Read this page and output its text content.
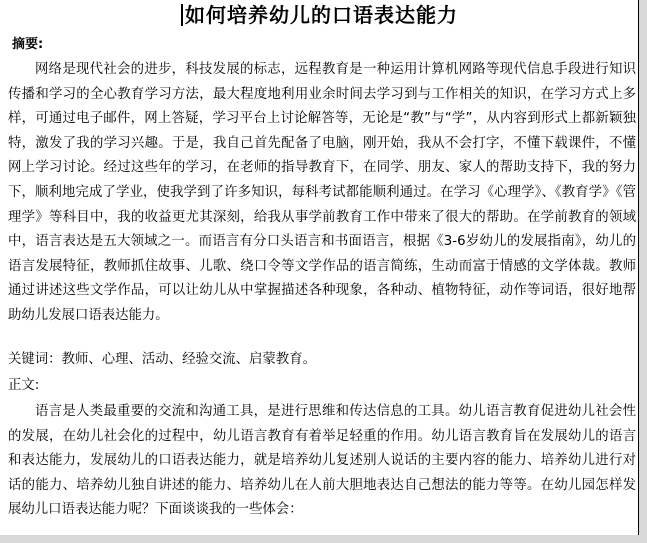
如何培养幼儿的口语表达能力
摘要:

网络是现代社会的进步，科技发展的标志，远程教育是一种运用计算机网路等现代信息手段进行知识传播和学习的全心教育学习方法，最大程度地利用业余时间去学习到与工作相关的知识，在学习方式上多样，可通过电子邮件，网上答疑，学习平台上讨论解答等，无论是“教”与“学”，从内容到形式上都新颖独特，激发了我的学习兴趣。于是，我自己首先配备了电脑，刚开始，我从不会打字，不懂下载课件，不懂网上学习讨论。经过这些年的学习，在老师的指导教育下，在同学、朋友、家人的帮助支持下，我的努力下，顺利地完成了学业，使我学到了许多知识，每科考试都能顺利通过。在学习《心理学》、《教育学》《管理学》等科目中，我的收益更尤其深刻，给我从事学前教育工作中带来了很大的帮助。在学前教育的领域中，语言表达是五大领域之一。而语言有分口头语言和书面语言，根据《3-6岁幼儿的发展指南》，幼儿的语言发展特征，教师抓住故事、儿歌、绕口令等文学作品的语言简练，生动而富于情感的文学体裁。教师通过讲述这些文学作品，可以让幼儿从中掌握描述各种现象，各种动、植物特征，动作等词语，很好地帮助幼儿发展口语表达能力。

关键词：教师、心理、活动、经验交流、启蒙教育。
正文:

语言是人类最重要的交流和沟通工具，是进行思维和传达信息的工具。幼儿语言教育促进幼儿社会性的发展，在幼儿社会化的过程中，幼儿语言教育有着举足轻重的作用。幼儿语言教育旨在发展幼儿的语言和表达能力，发展幼儿的口语表达能力，就是培养幼儿复述别人说话的主要内容的能力、培养幼儿进行对话的能力、培养幼儿独自讲述的能力、培养幼儿在人前大胆地表达自己想法的能力等等。在幼儿园怎样发展幼儿口语表达能力呢？下面谈谈我的一些体会：
